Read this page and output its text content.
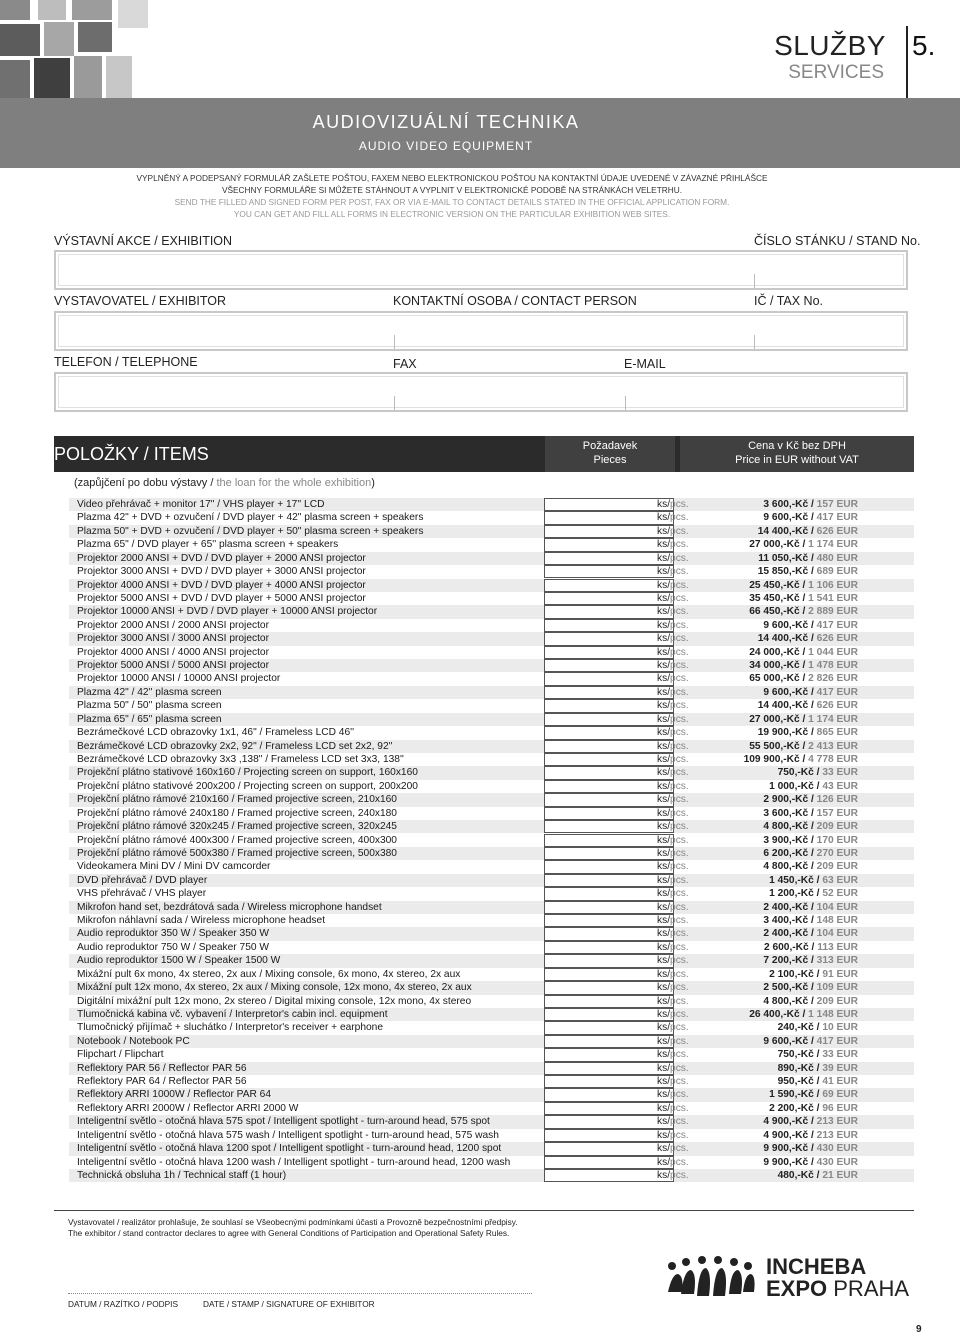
SLUŽBY
SERVICES
5.
AUDIOVIZUÁLNÍ TECHNIKA
AUDIO VIDEO EQUIPMENT
VYPLNĚNÝ A PODEPSANÝ FORMULÁŘ ZAŠLETE POŠTOU, FAXEM NEBO ELEKTRONICKOU POŠTOU NA KONTAKTNÍ ÚDAJE UVEDENÉ V ZÁVAZNÉ PŘIHLÁŠCE
VŠECHNY FORMULÁŘE SI MŮŽETE STÁHNOUT A VYPLNIT V ELEKTRONICKÉ PODOBĚ NA STRÁNKÁCH VELETRHU.
SEND THE FILLED AND SIGNED FORM PER POST, FAX OR VIA E-MAIL TO CONTACT DETAILS STATED IN THE OFFICIAL APPLICATION FORM.
YOU CAN GET AND FILL ALL FORMS IN ELECTRONIC VERSION ON THE PARTICULAR EXHIBITION WEB SITES.
VÝSTAVNÍ AKCE / EXHIBITION	ČÍSLO STÁNKU / STAND No.
VYSTAVOVATEL / EXHIBITOR	KONTAKTNÍ OSOBA / CONTACT PERSON	IČ / TAX No.
TELEFON / TELEPHONE	FAX	E-MAIL
POLOŽKY / ITEMS	Požadavek
Pieces
Cena v Kč bez DPH
Price in EUR without VAT
(zapůjčení po dobu výstavy / the loan for the whole exhibition)
Video přehrávač + monitor 17" / VHS player + 17'' LCD	ks/pcs.	3 600,-Kč / 157 EUR
Plazma 42" + DVD + ozvučení / DVD player + 42" plasma screen + speakers	ks/pcs.	9 600,-Kč / 417 EUR
Plazma 50" + DVD + ozvučení / DVD player + 50" plasma screen + speakers	ks/pcs.	14 400,-Kč / 626 EUR
Plazma 65" / DVD player + 65'' plasma screen + speakers	ks/pcs.	27 000,-Kč / 1 174 EUR
Projektor 2000 ANSI + DVD / DVD player + 2000 ANSI projector	ks/pcs.	11 050,-Kč / 480 EUR
Projektor 3000 ANSI + DVD / DVD player + 3000 ANSI projector	ks/pcs.	15 850,-Kč / 689 EUR
Projektor 4000 ANSI + DVD / DVD player + 4000 ANSI projector	ks/pcs.	25 450,-Kč / 1 106 EUR
Projektor 5000 ANSI + DVD / DVD player + 5000 ANSI projector	ks/pcs.	35 450,-Kč / 1 541 EUR
Projektor 10000 ANSI + DVD / DVD player + 10000 ANSI projector	ks/pcs.	66 450,-Kč / 2 889 EUR
Projektor 2000 ANSI / 2000 ANSI projector	ks/pcs.	9 600,-Kč / 417 EUR
Projektor 3000 ANSI / 3000 ANSI projector	ks/pcs.	14 400,-Kč / 626 EUR
Projektor 4000 ANSI / 4000 ANSI projector	ks/pcs.	24 000,-Kč / 1 044 EUR
Projektor 5000 ANSI / 5000 ANSI projector	ks/pcs.	34 000,-Kč / 1 478 EUR
Projektor 10000 ANSI / 10000 ANSI projector	ks/pcs.	65 000,-Kč / 2 826 EUR
Plazma 42" / 42'' plasma screen	ks/pcs.	9 600,-Kč / 417 EUR
Plazma 50" / 50'' plasma screen	ks/pcs.	14 400,-Kč / 626 EUR
Plazma 65" / 65'' plasma screen	ks/pcs.	27 000,-Kč / 1 174 EUR
Bezrámečkové LCD obrazovky 1x1, 46" / Frameless LCD 46''	ks/pcs.	19 900,-Kč / 865 EUR
Bezrámečkové LCD obrazovky 2x2, 92" / Frameless LCD set 2x2, 92''	ks/pcs.	55 500,-Kč / 2 413 EUR
Bezrámečkové LCD obrazovky 3x3 ,138" / Frameless LCD set 3x3, 138''	ks/pcs.	109 900,-Kč / 4 778 EUR
Projekční plátno stativové 160x160 / Projecting screen on support, 160x160	ks/pcs.	750,-Kč / 33 EUR
Projekční plátno stativové 200x200 / Projecting screen on support, 200x200	ks/pcs.	1 000,-Kč / 43 EUR
Projekční plátno rámové 210x160 / Framed projective screen, 210x160	ks/pcs.	2 900,-Kč / 126 EUR
Projekční plátno rámové 240x180 / Framed projective screen, 240x180	ks/pcs.	3 600,-Kč / 157 EUR
Projekční plátno rámové 320x245 / Framed projective screen, 320x245	ks/pcs.	4 800,-Kč / 209 EUR
Projekční plátno rámové 400x300 / Framed projective screen, 400x300	ks/pcs.	3 900,-Kč / 170 EUR
Projekční plátno rámové 500x380 / Framed projective screen, 500x380	ks/pcs.	6 200,-Kč / 270 EUR
Videokamera Mini DV / Mini DV camcorder	ks/pcs.	4 800,-Kč / 209 EUR
DVD přehrávač / DVD player	ks/pcs.	1 450,-Kč / 63 EUR
VHS přehrávač / VHS player	ks/pcs.	1 200,-Kč / 52 EUR
Mikrofon hand set, bezdrátová sada / Wireless microphone handset	ks/pcs.	2 400,-Kč / 104 EUR
Mikrofon náhlavní sada / Wireless microphone headset	ks/pcs.	3 400,-Kč / 148 EUR
Audio reproduktor 350 W / Speaker 350 W	ks/pcs.	2 400,-Kč / 104 EUR
Audio reproduktor 750 W / Speaker 750 W	ks/pcs.	2 600,-Kč / 113 EUR
Audio reproduktor 1500 W / Speaker 1500 W	ks/pcs.	7 200,-Kč / 313 EUR
Mixážní pult 6x mono, 4x stereo, 2x aux / Mixing console, 6x mono, 4x stereo, 2x aux	ks/pcs.	2 100,-Kč / 91 EUR
Mixážní pult 12x mono, 4x stereo, 2x aux / Mixing console, 12x mono, 4x stereo, 2x aux	ks/pcs.	2 500,-Kč / 109 EUR
Digitální mixážní pult 12x mono, 2x stereo / Digital mixing console, 12x mono, 4x stereo	ks/pcs.	4 800,-Kč / 209 EUR
Tlumočnická kabina vč. vybavení / Interpretor's cabin incl. equipment	ks/pcs.	26 400,-Kč / 1 148 EUR
Tlumočnický přijímač + sluchátko / Interpretor's receiver + earphone	ks/pcs.	240,-Kč / 10 EUR
Notebook / Notebook PC	ks/pcs.	9 600,-Kč / 417 EUR
Flipchart / Flipchart	ks/pcs.	750,-Kč / 33 EUR
Reflektory PAR 56 / Reflector PAR 56	ks/pcs.	890,-Kč / 39 EUR
Reflektory PAR 64 / Reflector PAR 56	ks/pcs.	950,-Kč / 41 EUR
Reflektory ARRI 1000W / Reflector PAR 64	ks/pcs.	1 590,-Kč / 69 EUR
Reflektory ARRI 2000W / Reflector ARRI 2000 W	ks/pcs.	2 200,-Kč / 96 EUR
Inteligentní světlo - otočná hlava 575 spot / Intelligent spotlight - turn-around head, 575 spot	ks/pcs.	4 900,-Kč / 213 EUR
Inteligentní světlo - otočná hlava 575 wash / Intelligent spotlight - turn-around head, 575 wash	ks/pcs.	4 900,-Kč / 213 EUR
Inteligentní světlo - otočná hlava 1200 spot / Intelligent spotlight - turn-around head, 1200 spot	ks/pcs.	9 900,-Kč / 430 EUR
Inteligentní světlo - otočná hlava 1200 wash / Intelligent spotlight - turn-around head, 1200 wash	ks/pcs.	9 900,-Kč / 430 EUR
Technická obsluha 1h / Technical staff (1 hour)	ks/pcs.	480,-Kč / 21 EUR
Vystavovatel / realizátor prohlašuje, že souhlasí se Všeobecnými podmínkami účasti a Provozně bezpečnostními předpisy.
The exhibitor / stand contractor declares to agree with General Conditions of Participation and Operational Safety Rules.
DATUM / RAZÍTKO / PODPIS	DATE / STAMP / SIGNATURE OF EXHIBITOR
INCHEBA
EXPO PRAHA
9
